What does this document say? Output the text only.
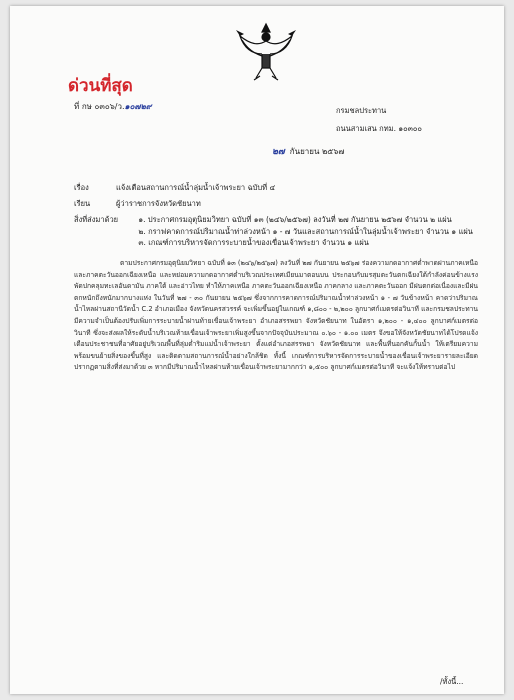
ด่วนที่สุด
ที่ กษ ๐๓๐๖/ว.๑๐๗๒๙	กรมชลประทาน
ถนนสามเสน กทม. ๑๐๓๐๐
๒๗ กันยายน ๒๕๖๗
เรื่อง	แจ้งเตือนสถานการณ์น้ำลุ่มน้ำเจ้าพระยา ฉบับที่ ๔
เรียน	ผู้ว่าราชการจังหวัดชัยนาท
สิ่งที่ส่งมาด้วย	๑. ประกาศกรมอุตุนิยมวิทยา ฉบับที่ ๑๓ (๒๔๖/๒๕๖๗) ลงวันที่ ๒๗ กันยายน ๒๕๖๗ จำนวน ๒ แผ่น
๒. กราฟคาดการณ์ปริมาณน้ำท่าล่วงหน้า ๑ - ๗ วันและสถานการณ์น้ำในลุ่มน้ำเจ้าพระยา จำนวน ๑ แผ่น
๓. เกณฑ์การบริหารจัดการระบายน้ำของเขื่อนเจ้าพระยา จำนวน ๑ แผ่น

ตามประกาศกรมอุตุนิยมวิทยา ฉบับที่ ๑๓ (๒๔๖/๒๕๖๗) ลงวันที่ ๒๗ กันยายน ๒๕๖๗ ร่องความกดอากาศต่ำพาดผ่านภาคเหนือและภาคตะวันออกเฉียงเหนือ และหย่อมความกดอากาศต่ำบริเวณประเทศเมียนมาตอนบน ประกอบกับมรสุมตะวันตกเฉียงใต้กำลังค่อนข้างแรงพัดปกคลุมทะเลอันดามัน ภาคใต้ และอ่าวไทย ทำให้ภาคเหนือ ภาคตะวันออกเฉียงเหนือ ภาคกลาง และภาคตะวันออก มีฝนตกต่อเนื่องและมีฝนตกหนักถึงหนักมากบางแห่ง ในวันที่ ๒๗ - ๓๐ กันยายน ๒๕๖๗ ซึ่งจากการคาดการณ์ปริมาณน้ำท่าล่วงหน้า ๑ - ๗ วันข้างหน้า คาดว่าปริมาณน้ำไหลผ่านสถานีวัดน้ำ C.2 อำเภอเมือง จังหวัดนครสวรรค์ จะเพิ่มขึ้นอยู่ในเกณฑ์ ๑,๘๐๐ - ๒,๒๐๐ ลูกบาศก์เมตรต่อวินาที และกรมชลประทานมีความจำเป็นต้องปรับเพิ่มการระบายน้ำผ่านท้ายเขื่อนเจ้าพระยา อำเภอสรรพยา จังหวัดชัยนาท ในอัตรา ๑,๒๐๐ - ๑,๔๐๐ ลูกบาศก์เมตรต่อวินาที ซึ่งจะส่งผลให้ระดับน้ำบริเวณท้ายเขื่อนเจ้าพระยาเพิ่มสูงขึ้นจากปัจจุบันประมาณ ๐.๖๐ - ๑.๐๐ เมตร จึงขอให้จังหวัดชัยนาทได้โปรดแจ้งเตือนประชาชนที่อาศัยอยู่บริเวณพื้นที่ลุ่มต่ำริมแม่น้ำเจ้าพระยา ตั้งแต่อำเภอสรรพยา จังหวัดชัยนาท และพื้นที่นอกคันกั้นน้ำ ให้เตรียมความพร้อมขนย้ายสิ่งของขึ้นที่สูง และติดตามสถานการณ์น้ำอย่างใกล้ชิด ทั้งนี้ เกณฑ์การบริหารจัดการระบายน้ำของเขื่อนเจ้าพระยารายละเอียดปรากฏตามสิ่งที่ส่งมาด้วย ๓ หากมีปริมาณน้ำไหลผ่านท้ายเขื่อนเจ้าพระยามากกว่า ๑,๕๐๐ ลูกบาศก์เมตรต่อวินาที จะแจ้งให้ทราบต่อไป

/ทั้งนี้...
